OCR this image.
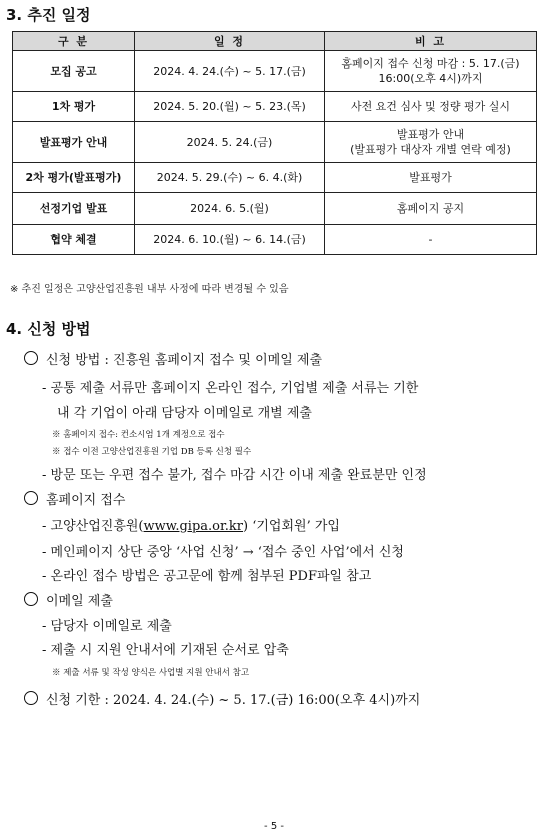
3. 추진 일정
구 분	일 정	비 고
모집 공고	2024. 4. 24.(수) ~ 5. 17.(금)	홈페이지 접수 신청 마감 : 5. 17.(금)
16:00(오후 4시)까지
1차 평가	2024. 5. 20.(월) ~ 5. 23.(목)	사전 요건 심사 및 정량 평가 실시
발표평가 안내	2024. 5. 24.(금)	발표평가 안내
(발표평가 대상자 개별 연락 예정)
2차 평가(발표평가)	2024. 5. 29.(수) ~ 6. 4.(화)	발표평가
선정기업 발표	2024. 6. 5.(월)	홈페이지 공지
협약 체결	2024. 6. 10.(월) ~ 6. 14.(금)	-
※ 추진 일정은 고양산업진흥원 내부 사정에 따라 변경될 수 있음
4. 신청 방법
신청 방법 : 진흥원 홈페이지 접수 및 이메일 제출
- 공통 제출 서류만 홈페이지 온라인 접수, 기업별 제출 서류는 기한
내 각 기업이 아래 담당자 이메일로 개별 제출
※ 홈페이지 접수: 컨소시엄 1개 계정으로 접수
※ 접수 이전 고양산업진흥원 기업 DB 등록 신청 필수
- 방문 또는 우편 접수 불가, 접수 마감 시간 이내 제출 완료분만 인정
홈페이지 접수
- 고양산업진흥원(www.gipa.or.kr) ‘기업회원’ 가입
- 메인페이지 상단 중앙 ‘사업 신청’ → ‘접수 중인 사업’에서 신청
- 온라인 접수 방법은 공고문에 함께 첨부된 PDF파일 참고
이메일 제출
- 담당자 이메일로 제출
- 제출 시 지원 안내서에 기재된 순서로 압축
※ 제출 서류 및 작성 양식은 사업별 지원 안내서 참고
신청 기한 : 2024. 4. 24.(수) ~ 5. 17.(금) 16:00(오후 4시)까지
- 5 -
